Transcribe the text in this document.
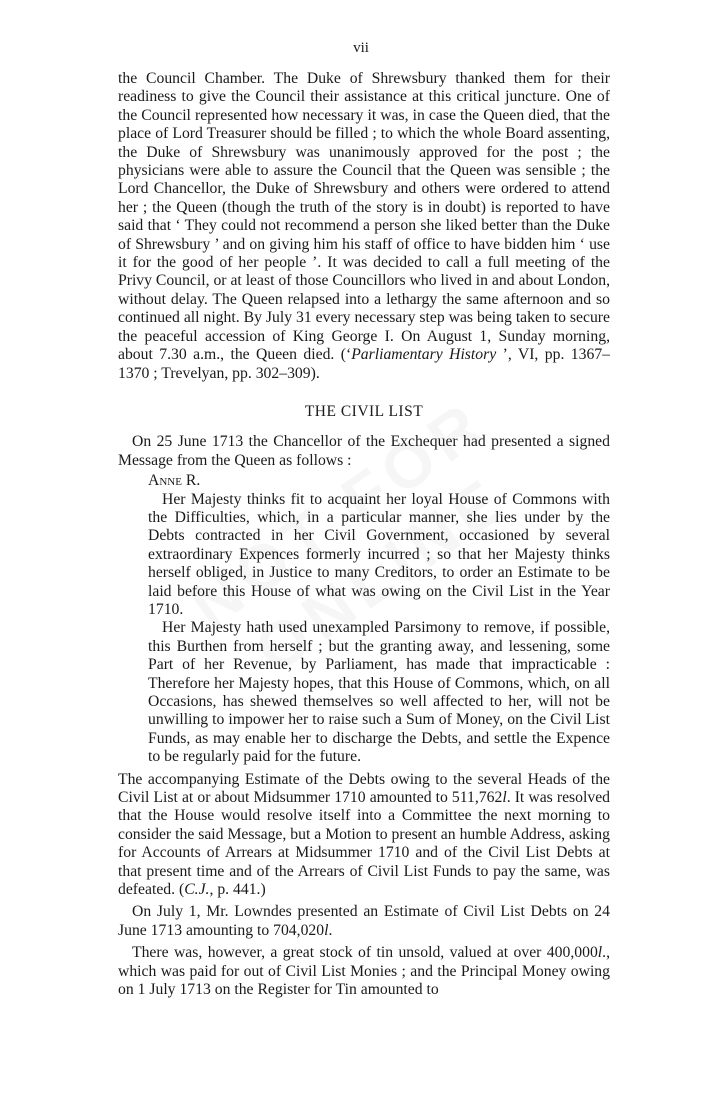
vii

the Council Chamber. The Duke of Shrewsbury thanked them for their readiness to give the Council their assistance at this critical juncture. One of the Council represented how necessary it was, in case the Queen died, that the place of Lord Treasurer should be filled ; to which the whole Board assenting, the Duke of Shrewsbury was unanimously approved for the post ; the physicians were able to assure the Council that the Queen was sensible ; the Lord Chancellor, the Duke of Shrewsbury and others were ordered to attend her ; the Queen (though the truth of the story is in doubt) is reported to have said that ‘ They could not recommend a person she liked better than the Duke of Shrewsbury ’ and on giving him his staff of office to have bidden him ‘ use it for the good of her people ’. It was decided to call a full meeting of the Privy Council, or at least of those Councillors who lived in and about London, without delay. The Queen relapsed into a lethargy the same afternoon and so continued all night. By July 31 every necessary step was being taken to secure the peaceful accession of King George I. On August 1, Sunday morning, about 7.30 a.m., the Queen died. (‘Parliamentary History ’, VI, pp. 1367–1370 ; Trevelyan, pp. 302–309).

THE CIVIL LIST

On 25 June 1713 the Chancellor of the Exchequer had presented a signed Message from the Queen as follows :

Anne R.

Her Majesty thinks fit to acquaint her loyal House of Commons with the Difficulties, which, in a particular manner, she lies under by the Debts contracted in her Civil Government, occasioned by several extraordinary Expences formerly incurred ; so that her Majesty thinks herself obliged, in Justice to many Creditors, to order an Estimate to be laid before this House of what was owing on the Civil List in the Year 1710.

Her Majesty hath used unexampled Parsimony to remove, if possible, this Burthen from herself ; but the granting away, and lessening, some Part of her Revenue, by Parliament, has made that impracticable : Therefore her Majesty hopes, that this House of Commons, which, on all Occasions, has shewed themselves so well affected to her, will not be unwilling to impower her to raise such a Sum of Money, on the Civil List Funds, as may enable her to discharge the Debts, and settle the Expence to be regularly paid for the future.

The accompanying Estimate of the Debts owing to the several Heads of the Civil List at or about Midsummer 1710 amounted to 511,762l. It was resolved that the House would resolve itself into a Committee the next morning to consider the said Message, but a Motion to present an humble Address, asking for Accounts of Arrears at Midsummer 1710 and of the Civil List Debts at that present time and of the Arrears of Civil List Funds to pay the same, was defeated. (C.J., p. 441.)

On July 1, Mr. Lowndes presented an Estimate of Civil List Debts on 24 June 1713 amounting to 704,020l.

There was, however, a great stock of tin unsold, valued at over 400,000l., which was paid for out of Civil List Monies ; and the Principal Money owing on 1 July 1713 on the Register for Tin amounted to
